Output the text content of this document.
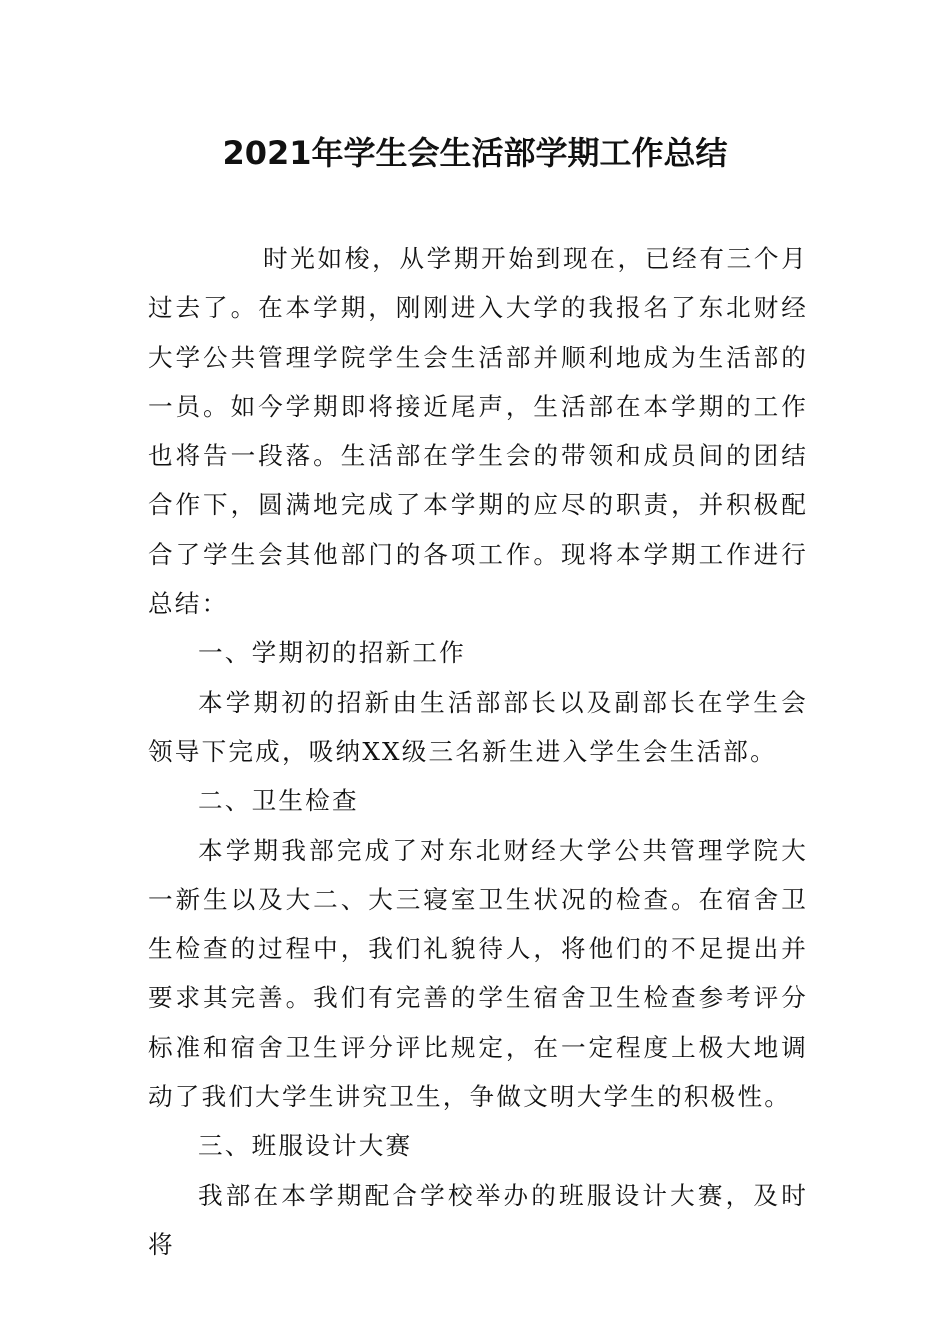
2021年学生会生活部学期工作总结

时光如梭，从学期开始到现在，已经有三个月过去了。在本学期，刚刚进入大学的我报名了东北财经大学公共管理学院学生会生活部并顺利地成为生活部的一员。如今学期即将接近尾声，生活部在本学期的工作也将告一段落。生活部在学生会的带领和成员间的团结合作下，圆满地完成了本学期的应尽的职责，并积极配合了学生会其他部门的各项工作。现将本学期工作进行总结：

一、学期初的招新工作

本学期初的招新由生活部部长以及副部长在学生会领导下完成，吸纳XX级三名新生进入学生会生活部。

二、卫生检查

本学期我部完成了对东北财经大学公共管理学院大一新生以及大二、大三寝室卫生状况的检查。在宿舍卫生检查的过程中，我们礼貌待人，将他们的不足提出并要求其完善。我们有完善的学生宿舍卫生检查参考评分标准和宿舍卫生评分评比规定，在一定程度上极大地调动了我们大学生讲究卫生，争做文明大学生的积极性。

三、班服设计大赛

我部在本学期配合学校举办的班服设计大赛，及时将
